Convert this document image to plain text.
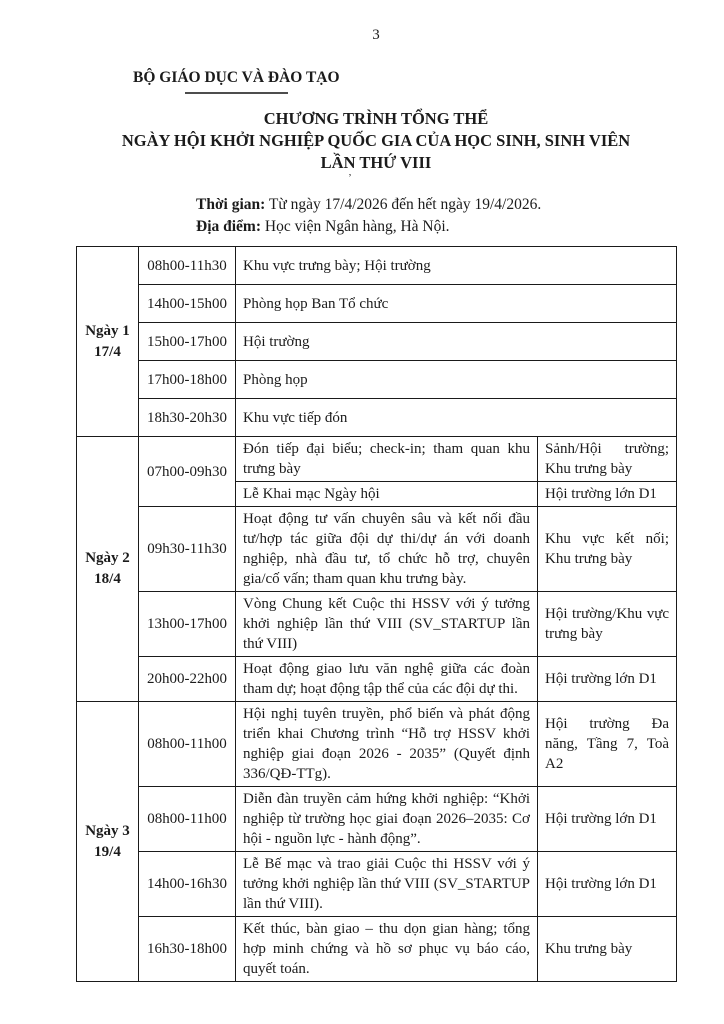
3
BỘ GIÁO DỤC VÀ ĐÀO TẠO
CHƯƠNG TRÌNH TỔNG THỂ
NGÀY HỘI KHỞI NGHIỆP QUỐC GIA CỦA HỌC SINH, SINH VIÊN
LẦN THỨ VIII
’
Thời gian: Từ ngày 17/4/2026 đến hết ngày 19/4/2026.
Địa điểm: Học viện Ngân hàng, Hà Nội.
Ngày 1
17/4	08h00-11h30	Khu vực trưng bày; Hội trường	
	14h00-15h00	Phòng họp Ban Tổ chức	
	15h00-17h00	Hội trường	
	17h00-18h00	Phòng họp	
	18h30-20h30	Khu vực tiếp đón	

Ngày 2
18/4	07h00-09h30	Đón tiếp đại biểu; check-in; tham quan khu trưng bày	Sảnh/Hội trường; Khu trưng bày
		Lễ Khai mạc Ngày hội	Hội trường lớn D1
	09h30-11h30	Hoạt động tư vấn chuyên sâu và kết nối đầu tư/hợp tác giữa đội dự thi/dự án với doanh nghiệp, nhà đầu tư, tổ chức hỗ trợ, chuyên gia/cố vấn; tham quan khu trưng bày.	Khu vực kết nối; Khu trưng bày
	13h00-17h00	Vòng Chung kết Cuộc thi HSSV với ý tưởng khởi nghiệp lần thứ VIII (SV_STARTUP lần thứ VIII)	Hội trường/Khu vực trưng bày
	20h00-22h00	Hoạt động giao lưu văn nghệ giữa các đoàn tham dự; hoạt động tập thể của các đội dự thi.	Hội trường lớn D1

Ngày 3
19/4	08h00-11h00	Hội nghị tuyên truyền, phổ biến và phát động triển khai Chương trình “Hỗ trợ HSSV khởi nghiệp giai đoạn 2026 - 2035” (Quyết định 336/QĐ-TTg).	Hội trường Đa năng, Tầng 7, Toà A2
	08h00-11h00	Diễn đàn truyền cảm hứng khởi nghiệp: “Khởi nghiệp từ trường học giai đoạn 2026–2035: Cơ hội - nguồn lực - hành động”.	Hội trường lớn D1
	14h00-16h30	Lễ Bế mạc và trao giải Cuộc thi HSSV với ý tưởng khởi nghiệp lần thứ VIII (SV_STARTUP lần thứ VIII).	Hội trường lớn D1
	16h30-18h00	Kết thúc, bàn giao – thu dọn gian hàng; tổng hợp minh chứng và hồ sơ phục vụ báo cáo, quyết toán.	Khu trưng bày
